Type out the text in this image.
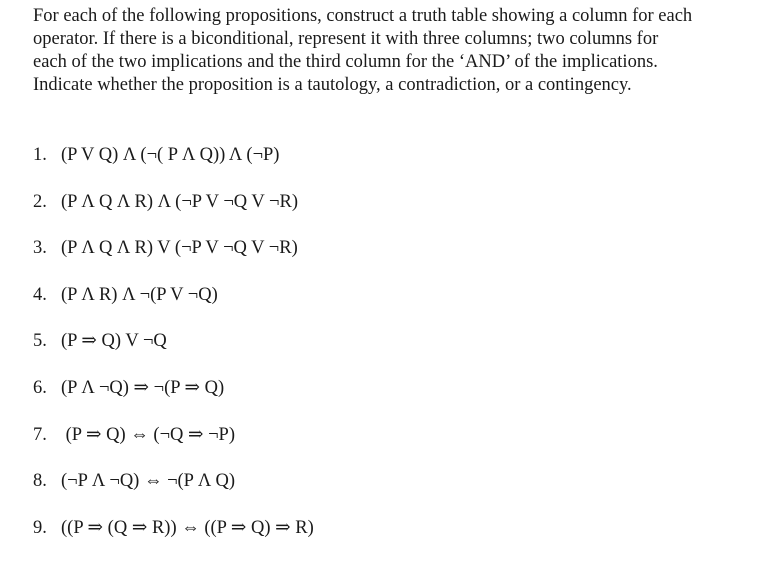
For each of the following propositions, construct a truth table showing a column for each
operator. If there is a biconditional, represent it with three columns; two columns for
each of the two implications and the third column for the ‘AND’ of the implications.
Indicate whether the proposition is a tautology, a contradiction, or a contingency.
1. (P V Q) Λ (¬( P Λ Q)) Λ (¬P)
2. (P Λ Q Λ R) Λ (¬P V ¬Q V ¬R)
3. (P Λ Q Λ R) V (¬P V ¬Q V ¬R)
4. (P Λ R) Λ ¬(P V ¬Q)
5. (P ⇒ Q) V ¬Q
6. (P Λ ¬Q) ⇒ ¬(P ⇒ Q)
7. (P ⇒ Q) ⇔ (¬Q ⇒ ¬P)
8. (¬P Λ ¬Q) ⇔ ¬(P Λ Q)
9. ((P ⇒ (Q ⇒ R)) ⇔ ((P ⇒ Q) ⇒ R)
